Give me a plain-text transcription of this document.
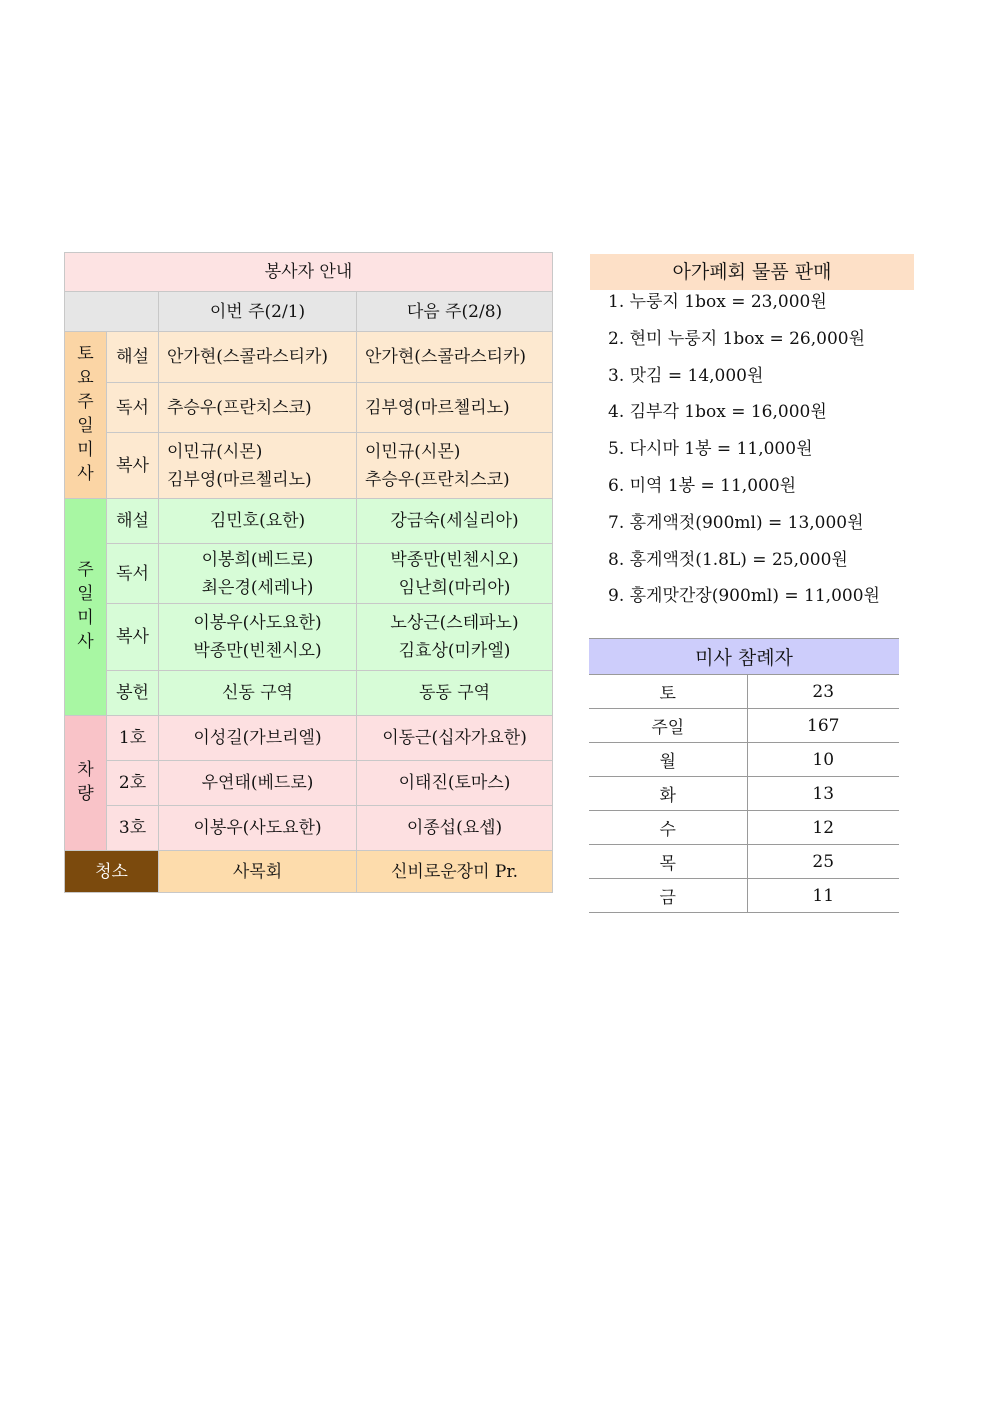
봉사자 안내			
		이번 주(2/1)	다음 주(2/8)
토요주일미사	해설	안가현(스콜라스티카)	안가현(스콜라스티카)

	독서	추승우(프란치스코)	김부영(마르첼리노)

	복사	이민규(시몬)
김부영(마르첼리노)	이민규(시몬)
추승우(프란치스코)

주일미사	해설	김민호(요한)	강금숙(세실리아)

	독서	이봉희(베드로)
최은경(세레나)	박종만(빈첸시오)
임난희(마리아)

	복사	이봉우(사도요한)
박종만(빈첸시오)	노상근(스테파노)
김효상(미카엘)

	봉헌	신동 구역	동동 구역

차량	1호	이성길(가브리엘)	이동근(십자가요한)

	2호	우연태(베드로)	이태진(토마스)

	3호	이봉우(사도요한)	이종섭(요셉)

청소		사목회	신비로운장미 Pr.
아가페회 물품 판매
1. 누룽지 1box = 23,000원
2. 현미 누룽지 1box = 26,000원
3. 맛김 = 14,000원
4. 김부각 1box = 16,000원
5. 다시마 1봉 = 11,000원
6. 미역 1봉 = 11,000원
7. 홍게액젓(900ml) = 13,000원
8. 홍게액젓(1.8L) = 25,000원
9. 홍게맛간장(900ml) = 11,000원
미사 참례자	
토	23
주일	167
월	10
화	13
수	12
목	25
금	11
